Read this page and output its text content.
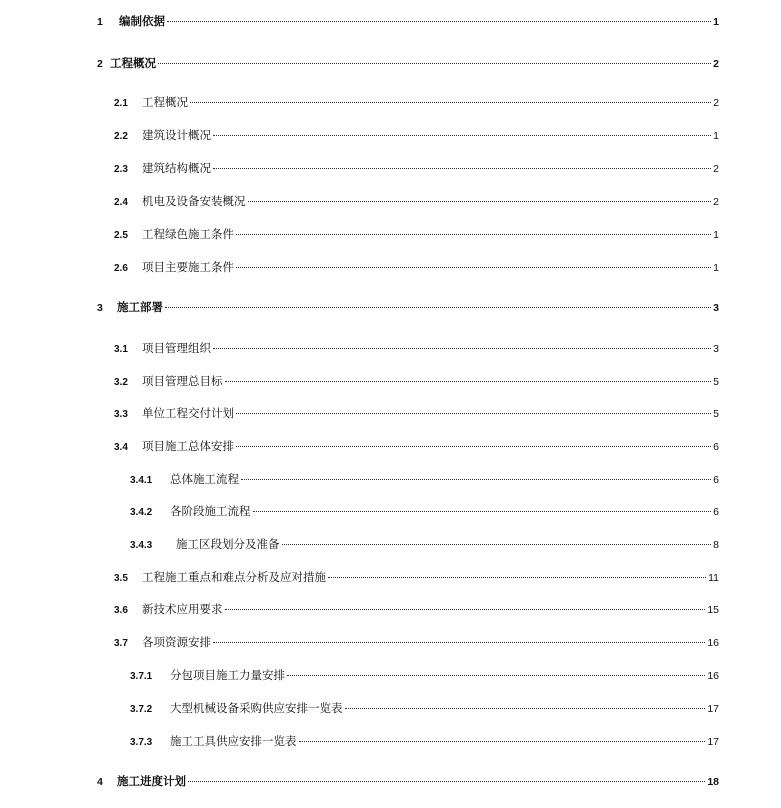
1	编制依据	1
2 工程概况	2
2.1	工程概况	2
2.2	建筑设计概况	1
2.3	建筑结构概况	2
2.4	机电及设备安装概况	2
2.5	工程绿色施工条件	1
2.6	项目主要施工条件	1
3	施工部署	3
3.1	项目管理组织	3
3.2	项目管理总目标	5
3.3	单位工程交付计划	5
3.4	项目施工总体安排	6
3.4.1	总体施工流程	6
3.4.2	各阶段施工流程	6
3.4.3	施工区段划分及准备	8
3.5	工程施工重点和难点分析及应对措施	11
3.6	新技术应用要求	15
3.7	各项资源安排	16
3.7.1	分包项目施工力量安排	16
3.7.2	大型机械设备采购供应安排一览表	17
3.7.3	施工工具供应安排一览表	17
4	施工进度计划	18
